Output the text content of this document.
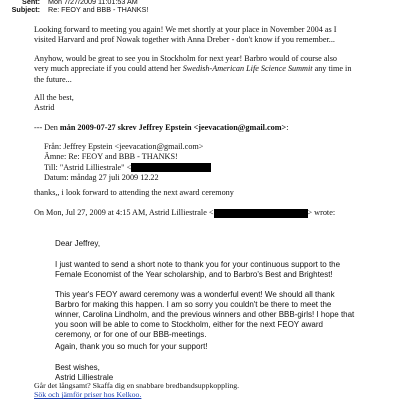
Sent: Mon 7/27/2009 11:01:53 AM
Subject: Re: FEOY and BBB - THANKS!
Looking forward to meeting you again! We met shortly at your place in November 2004 as I
visited Harvard and prof Nowak together with Anna Dreber - don't know if you remember...
Anyhow, would be great to see you in Stockholm for next year! Barbro would of course also
very much appreciate if you could attend her Swedish-American Life Science Summit any time in
the future...
All the best,
Astrid
--- Den mån 2009-07-27 skrev Jeffrey Epstein <jeevacation@gmail.com>:
Från: Jeffrey Epstein <jeevacation@gmail.com>
Ämne: Re: FEOY and BBB - THANKS!
Till: "Astrid Lilliestrale" <
Datum: måndag 27 juli 2009 12.22
thanks,, i look forward to attending the next award ceremony
On Mon, Jul 27, 2009 at 4:15 AM, Astrid Lilliestrale <	> wrote:
Dear Jeffrey,
I just wanted to send a short note to thank you for your continuous support to the
Female Economist of the Year scholarship, and to Barbro's Best and Brightest!
This year's FEOY award ceremony was a wonderful event! We should all thank
Barbro for making this happen. I am so sorry you couldn't be there to meet the
winner, Carolina Lindholm, and the previous winners and other BBB-girls! I hope that
you soon will be able to come to Stockholm, either for the next FEOY award
ceremony, or for one of our BBB-meetings.
Again, thank you so much for your support!
Best wishes,
Astrid Lilliestrale
Går det långsamt? Skaffa dig en snabbare bredbandsuppkoppling.
Sök och jämför priser hos Kelkoo.
